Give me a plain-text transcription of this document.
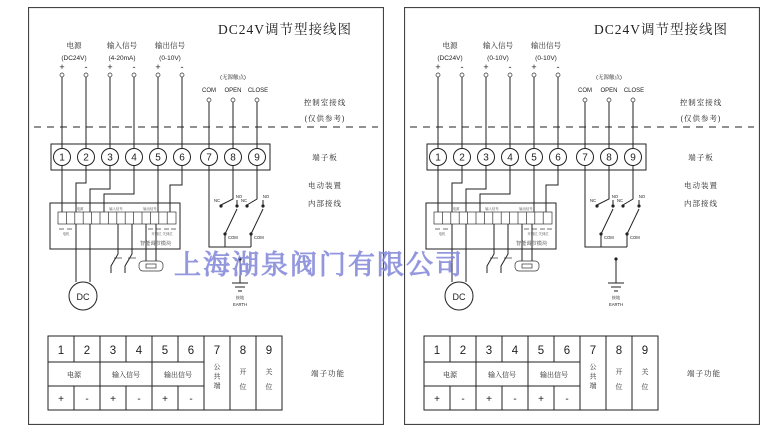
DC24V调节型接线图
电源
(DC24V)
输入信号
(4-20mA)
输出信号
(0-10V)
+ - + - + -
(无源触点)
COM OPEN CLOSE
控制室接线
(仅供参考)
端子板
1 2 3 4 5 6 7 8 9
电动装置
内部接线
电源	输入信号	输出信号
电机	开到位 关到位
智能调节模块
DC
NC
NO
NC
NO
COM	COM
接地
EARTH
1 2 3 4 5 6 7 8 9
电源	输入信号	输出信号
+ - + - + -
公共端
开位
关位
端子功能
DC24V调节型接线图
电源
(DC24V)
输入信号
(0-10V)
输出信号
(0-10V)
+ - + - + -
(无源触点)
COM OPEN CLOSE
控制室接线
(仅供参考)
端子板
1 2 3 4 5 6 7 8 9
电动装置
内部接线
电源	输入信号	输出信号
电机	开到位 关到位
智能调节模块
DC
NC
NO
NC
NO
COM	COM
接地
EARTH
1 2 3 4 5 6 7 8 9
电源	输入信号	输出信号
+ - + - + -
公共端
开位
关位
端子功能
上海湖泉阀门有限公司
